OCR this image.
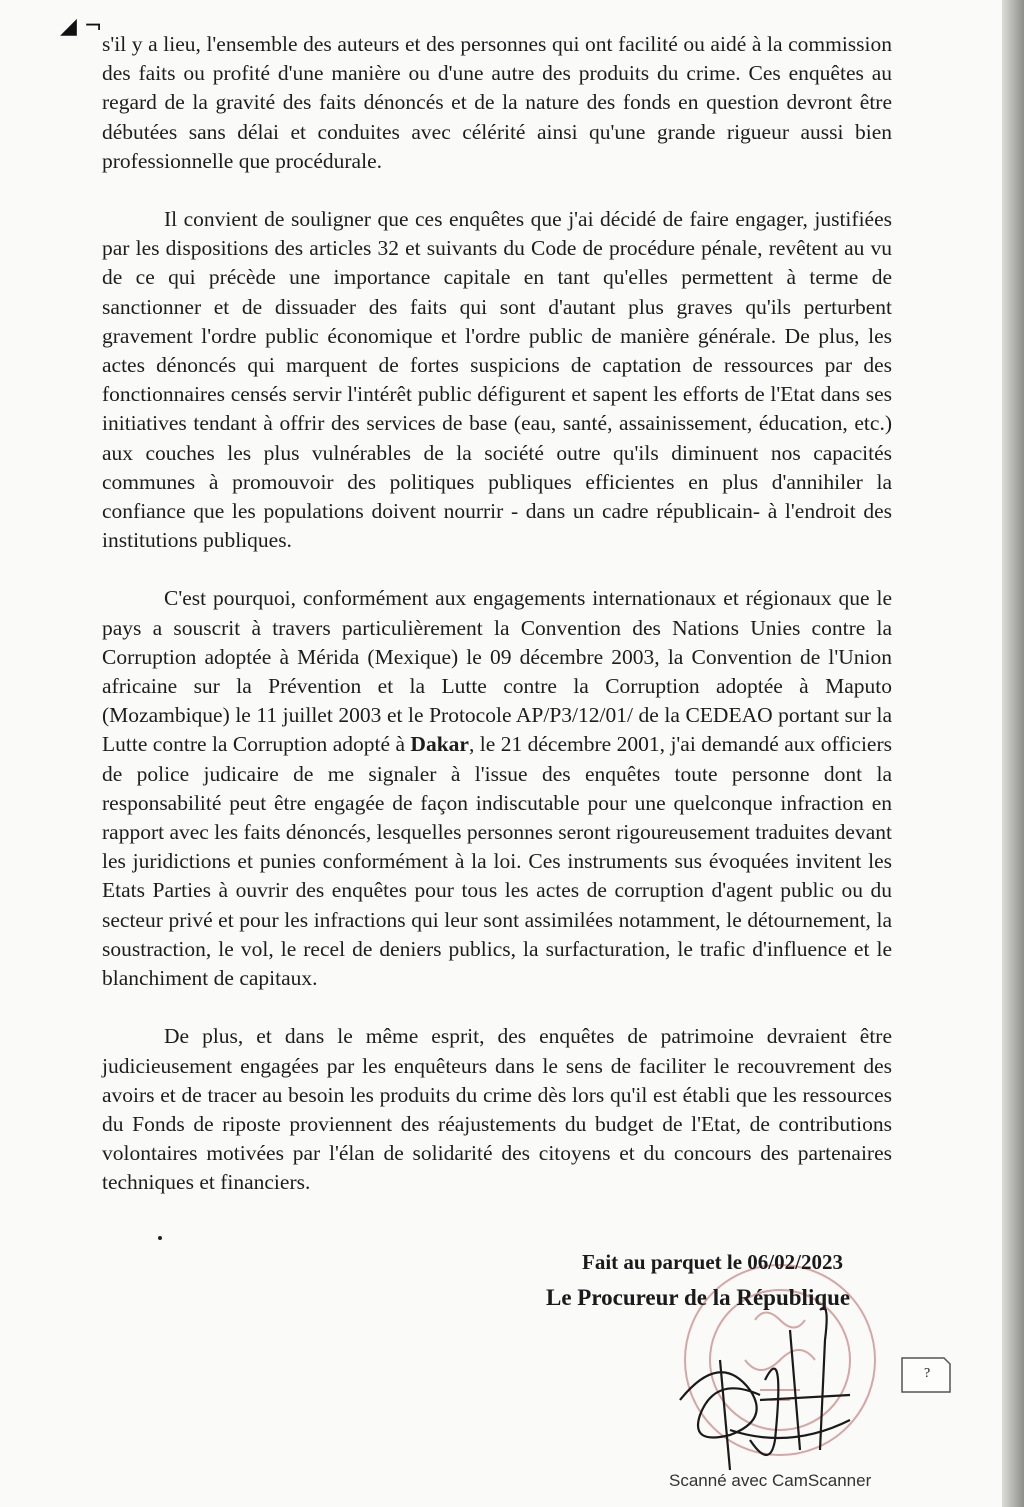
◢ ¬

s'il y a lieu, l'ensemble des auteurs et des personnes qui ont facilité ou aidé à la commission des faits ou profité d'une manière ou d'une autre des produits du crime. Ces enquêtes au regard de la gravité des faits dénoncés et de la nature des fonds en question devront être débutées sans délai et conduites avec célérité ainsi qu'une grande rigueur aussi bien professionnelle que procédurale.

Il convient de souligner que ces enquêtes que j'ai décidé de faire engager, justifiées par les dispositions des articles 32 et suivants du Code de procédure pénale, revêtent au vu de ce qui précède une importance capitale en tant qu'elles permettent à terme de sanctionner et de dissuader des faits qui sont d'autant plus graves qu'ils perturbent gravement l'ordre public économique et l'ordre public de manière générale. De plus, les actes dénoncés qui marquent de fortes suspicions de captation de ressources par des fonctionnaires censés servir l'intérêt public défigurent et sapent les efforts de l'Etat dans ses initiatives tendant à offrir des services de base (eau, santé, assainissement, éducation, etc.) aux couches les plus vulnérables de la société outre qu'ils diminuent nos capacités communes à promouvoir des politiques publiques efficientes en plus d'annihiler la confiance que les populations doivent nourrir - dans un cadre républicain- à l'endroit des institutions publiques.

C'est pourquoi, conformément aux engagements internationaux et régionaux que le pays a souscrit à travers particulièrement la Convention des Nations Unies contre la Corruption adoptée à Mérida (Mexique) le 09 décembre 2003, la Convention de l'Union africaine sur la Prévention et la Lutte contre la Corruption adoptée à Maputo (Mozambique) le 11 juillet 2003 et le Protocole AP/P3/12/01/ de la CEDEAO portant sur la Lutte contre la Corruption adopté à Dakar, le 21 décembre 2001, j'ai demandé aux officiers de police judicaire de me signaler à l'issue des enquêtes toute personne dont la responsabilité peut être engagée de façon indiscutable pour une quelconque infraction en rapport avec les faits dénoncés, lesquelles personnes seront rigoureusement traduites devant les juridictions et punies conformément à la loi. Ces instruments sus évoquées invitent les Etats Parties à ouvrir des enquêtes pour tous les actes de corruption d'agent public ou du secteur privé et pour les infractions qui leur sont assimilées notamment, le détournement, la soustraction, le vol, le recel de deniers publics, la surfacturation, le trafic d'influence et le blanchiment de capitaux.

De plus, et dans le même esprit, des enquêtes de patrimoine devraient être judicieusement engagées par les enquêteurs dans le sens de faciliter le recouvrement des avoirs et de tracer au besoin les produits du crime dès lors qu'il est établi que les ressources du Fonds de riposte proviennent des réajustements du budget de l'Etat, de contributions volontaires motivées par l'élan de solidarité des citoyens et du concours des partenaires techniques et financiers.

Fait au parquet le 06/02/2023
Le Procureur de la République
?
Scanné avec CamScanner
